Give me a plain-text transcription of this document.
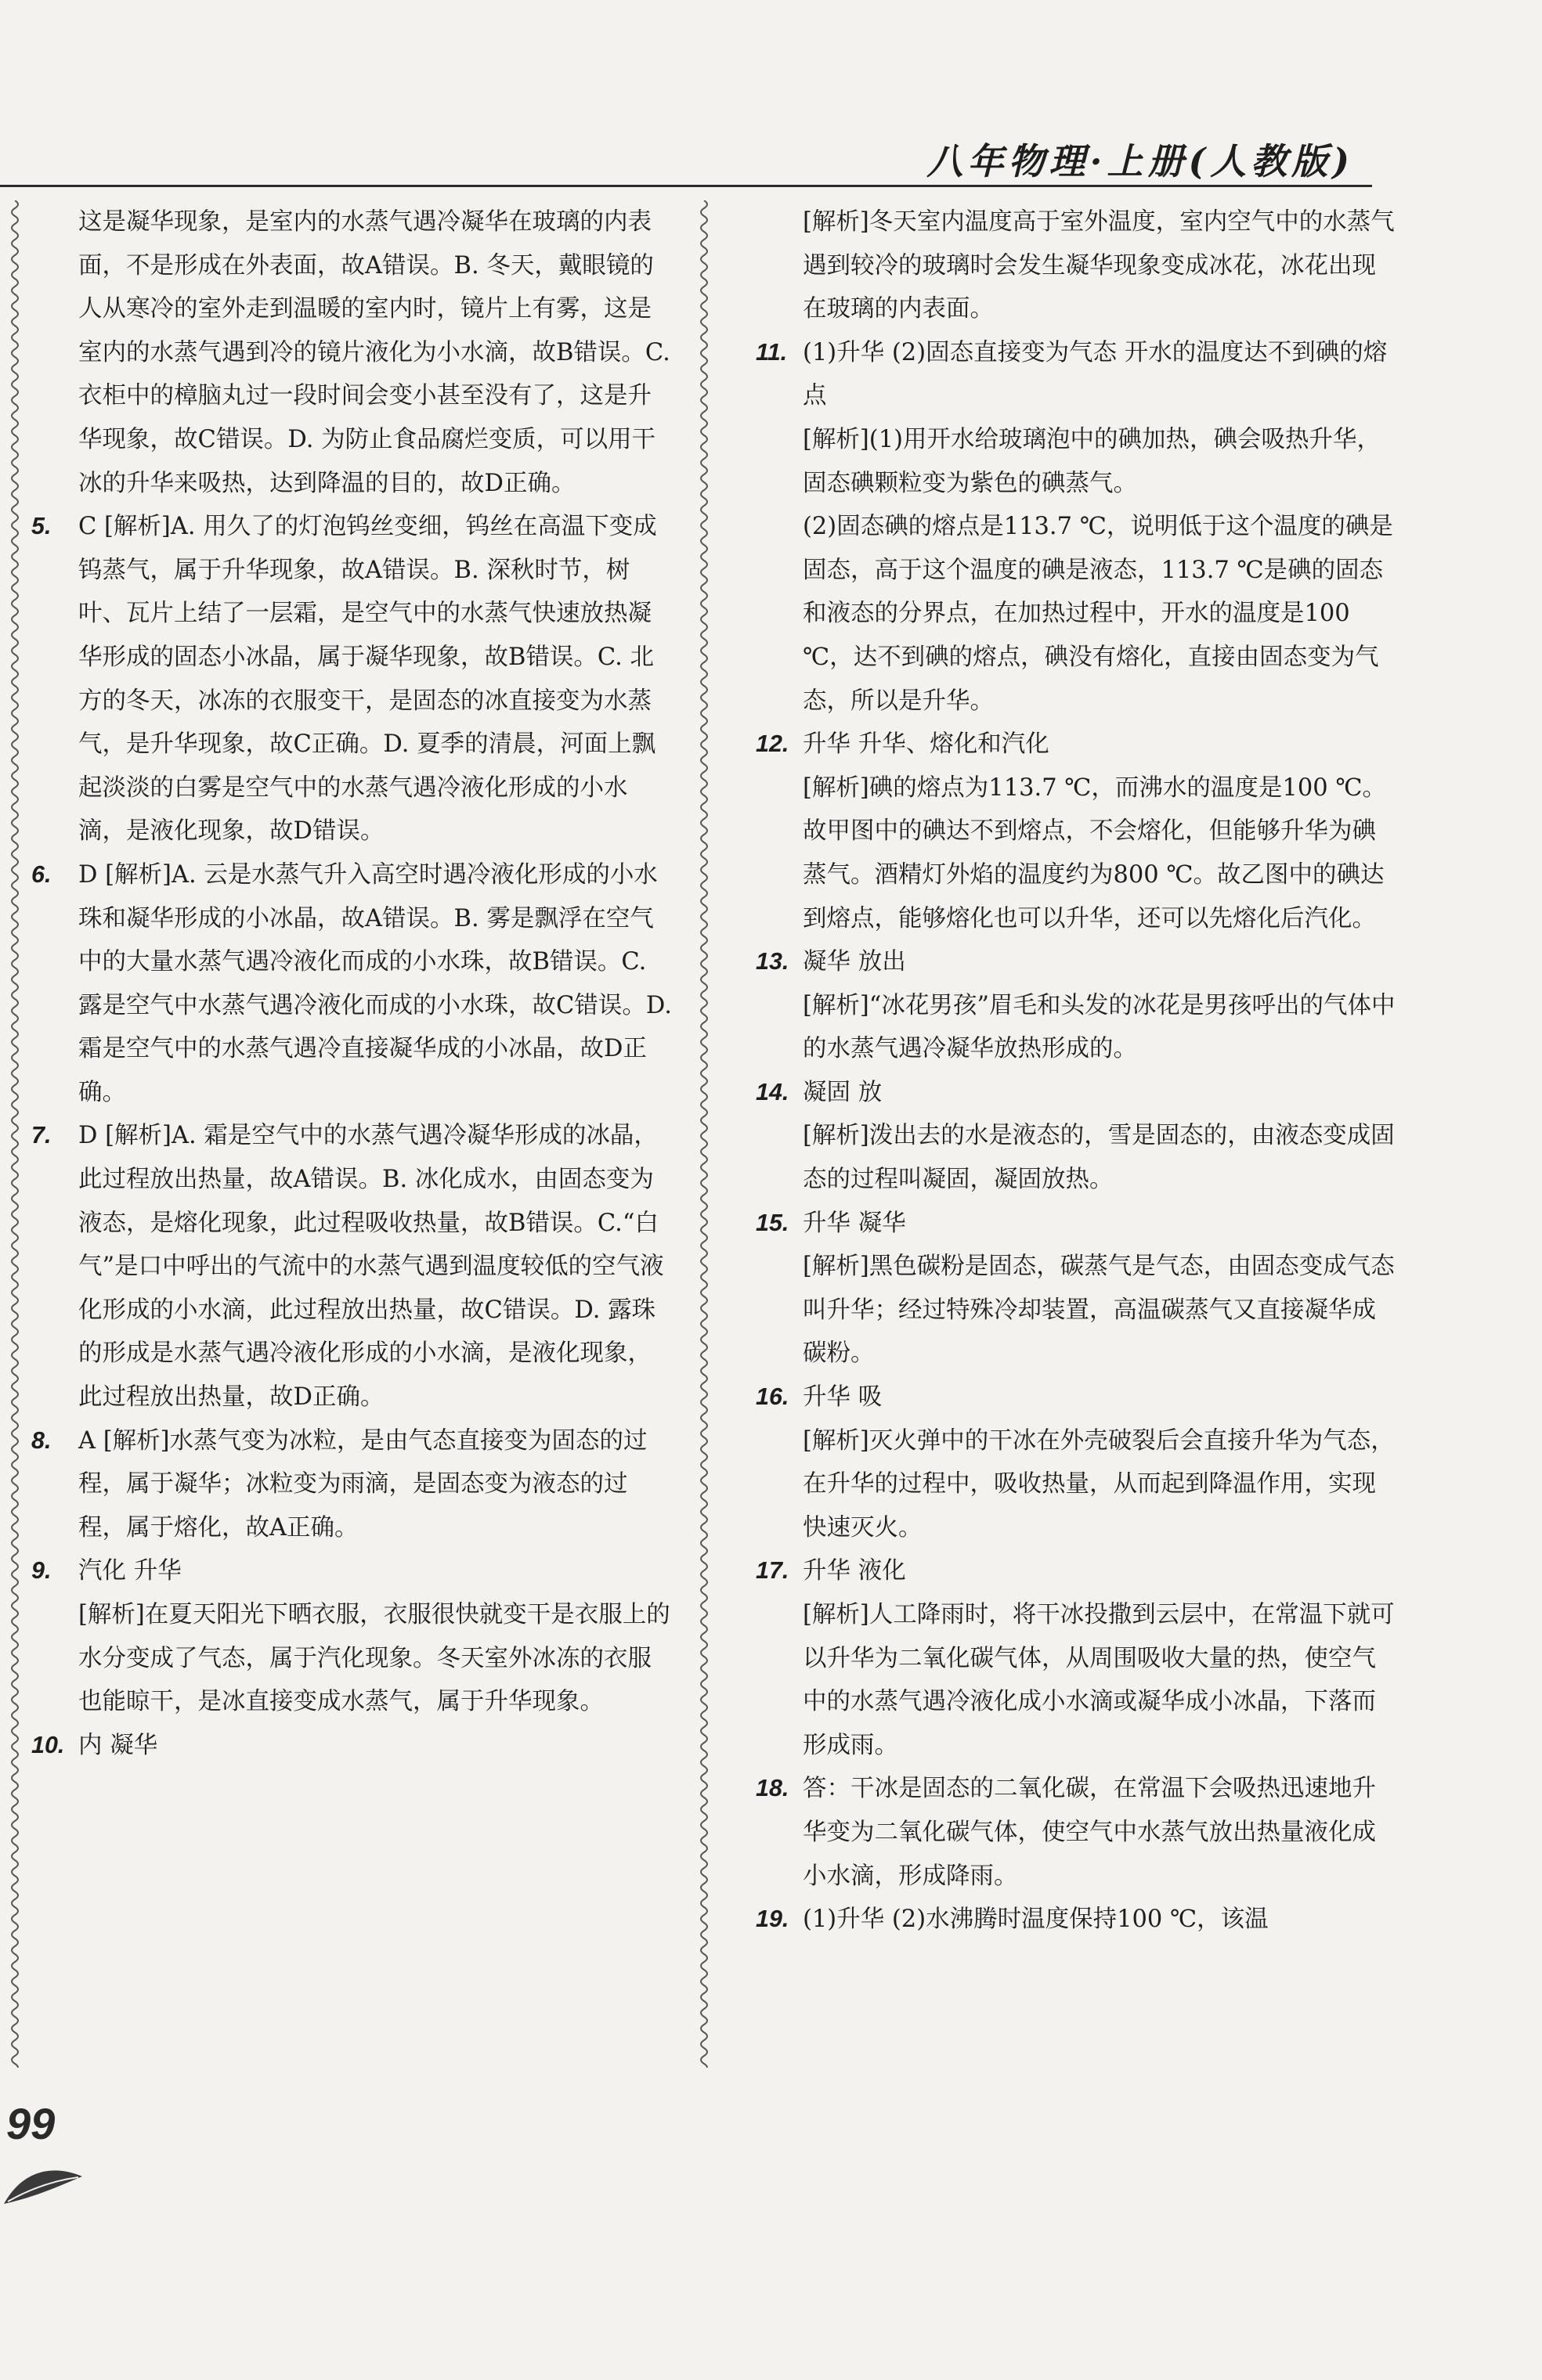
八年物理·上册(人教版)

这是凝华现象，是室内的水蒸气遇冷凝华在玻璃的内表面，不是形成在外表面，故A错误。B. 冬天，戴眼镜的人从寒冷的室外走到温暖的室内时，镜片上有雾，这是室内的水蒸气遇到冷的镜片液化为小水滴，故B错误。C. 衣柜中的樟脑丸过一段时间会变小甚至没有了，这是升华现象，故C错误。D. 为防止食品腐烂变质，可以用干冰的升华来吸热，达到降温的目的，故D正确。

5.	C [解析]A. 用久了的灯泡钨丝变细，钨丝在高温下变成钨蒸气，属于升华现象，故A错误。B. 深秋时节，树叶、瓦片上结了一层霜，是空气中的水蒸气快速放热凝华形成的固态小冰晶，属于凝华现象，故B错误。C. 北方的冬天，冰冻的衣服变干，是固态的冰直接变为水蒸气，是升华现象，故C正确。D. 夏季的清晨，河面上飘起淡淡的白雾是空气中的水蒸气遇冷液化形成的小水滴，是液化现象，故D错误。

6.	D [解析]A. 云是水蒸气升入高空时遇冷液化形成的小水珠和凝华形成的小冰晶，故A错误。B. 雾是飘浮在空气中的大量水蒸气遇冷液化而成的小水珠，故B错误。C. 露是空气中水蒸气遇冷液化而成的小水珠，故C错误。D. 霜是空气中的水蒸气遇冷直接凝华成的小冰晶，故D正确。

7.	D [解析]A. 霜是空气中的水蒸气遇冷凝华形成的冰晶，此过程放出热量，故A错误。B. 冰化成水，由固态变为液态，是熔化现象，此过程吸收热量，故B错误。C.“白气”是口中呼出的气流中的水蒸气遇到温度较低的空气液化形成的小水滴，此过程放出热量，故C错误。D. 露珠的形成是水蒸气遇冷液化形成的小水滴，是液化现象，此过程放出热量，故D正确。

8.	A [解析]水蒸气变为冰粒，是由气态直接变为固态的过程，属于凝华；冰粒变为雨滴，是固态变为液态的过程，属于熔化，故A正确。

9.	汽化 升华

[解析]在夏天阳光下晒衣服，衣服很快就变干是衣服上的水分变成了气态，属于汽化现象。冬天室外冰冻的衣服也能晾干，是冰直接变成水蒸气，属于升华现象。

10. 内 凝华

[解析]冬天室内温度高于室外温度，室内空气中的水蒸气遇到较冷的玻璃时会发生凝华现象变成冰花，冰花出现在玻璃的内表面。

11. (1)升华 (2)固态直接变为气态 开水的温度达不到碘的熔点

[解析](1)用开水给玻璃泡中的碘加热，碘会吸热升华，固态碘颗粒变为紫色的碘蒸气。

(2)固态碘的熔点是113.7 ℃，说明低于这个温度的碘是固态，高于这个温度的碘是液态，113.7 ℃是碘的固态和液态的分界点，在加热过程中，开水的温度是100 ℃，达不到碘的熔点，碘没有熔化，直接由固态变为气态，所以是升华。

12. 升华 升华、熔化和汽化

[解析]碘的熔点为113.7 ℃，而沸水的温度是100 ℃。故甲图中的碘达不到熔点，不会熔化，但能够升华为碘蒸气。酒精灯外焰的温度约为800 ℃。故乙图中的碘达到熔点，能够熔化也可以升华，还可以先熔化后汽化。

13. 凝华 放出

[解析]“冰花男孩”眉毛和头发的冰花是男孩呼出的气体中的水蒸气遇冷凝华放热形成的。

14. 凝固 放

[解析]泼出去的水是液态的，雪是固态的，由液态变成固态的过程叫凝固，凝固放热。

15. 升华 凝华

[解析]黑色碳粉是固态，碳蒸气是气态，由固态变成气态叫升华；经过特殊冷却装置，高温碳蒸气又直接凝华成碳粉。

16. 升华 吸

[解析]灭火弹中的干冰在外壳破裂后会直接升华为气态，在升华的过程中，吸收热量，从而起到降温作用，实现快速灭火。

17. 升华 液化

[解析]人工降雨时，将干冰投撒到云层中，在常温下就可以升华为二氧化碳气体，从周围吸收大量的热，使空气中的水蒸气遇冷液化成小水滴或凝华成小冰晶，下落而形成雨。

18. 答：干冰是固态的二氧化碳，在常温下会吸热迅速地升华变为二氧化碳气体，使空气中水蒸气放出热量液化成小水滴，形成降雨。

19. (1)升华 (2)水沸腾时温度保持100 ℃，该温

99
